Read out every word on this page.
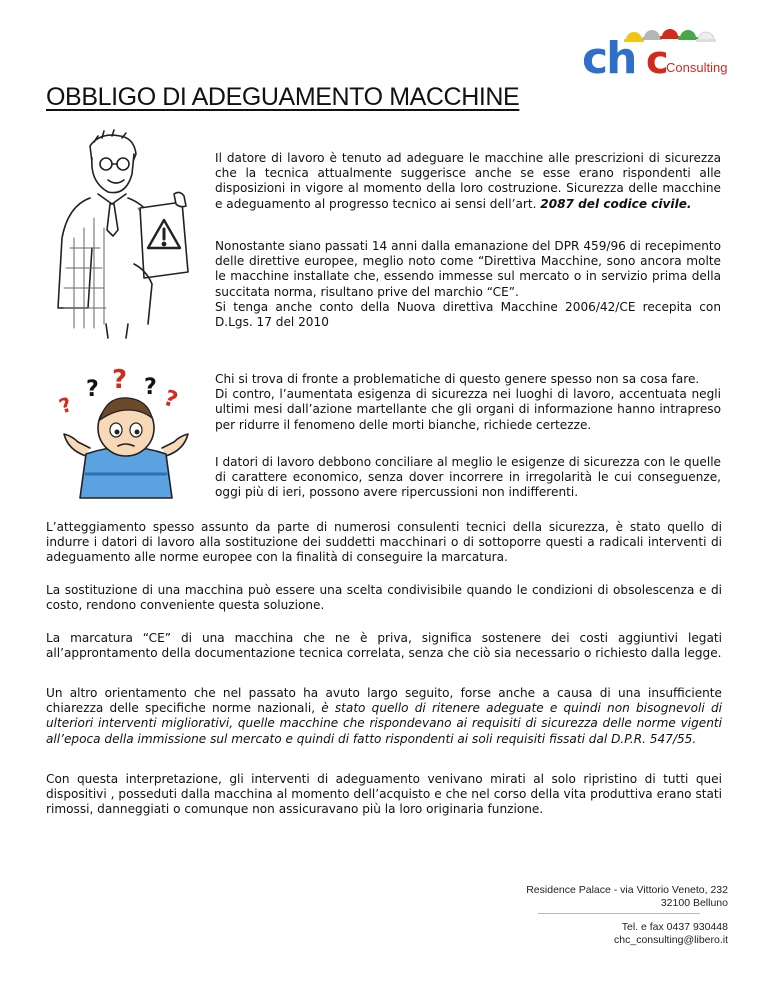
ch c
Consulting
OBBLIGO DI ADEGUAMENTO MACCHINE
? ? ?
?	?

Il datore di lavoro è tenuto ad adeguare le macchine alle prescrizioni di sicurezza che la tecnica attualmente suggerisce anche se esse erano rispondenti alle disposizioni in vigore al momento della loro costruzione. Sicurezza delle macchine e adeguamento al progresso tecnico ai sensi dell’art. 2087 del codice civile.

Nonostante siano passati 14 anni dalla emanazione del DPR 459/96 di recepimento delle direttive europee, meglio noto come “Direttiva Macchine, sono ancora molte le macchine installate che, essendo immesse sul mercato o in servizio prima della succitata norma, risultano prive del marchio “CE”.
Si tenga anche conto della Nuova direttiva Macchine 2006/42/CE recepita con D.Lgs. 17 del 2010

Chi si trova di fronte a problematiche di questo genere spesso non sa cosa fare.
Di contro, l’aumentata esigenza di sicurezza nei luoghi di lavoro, accentuata negli ultimi mesi dall’azione martellante che gli organi di informazione hanno intrapreso per ridurre il fenomeno delle morti bianche, richiede certezze.

I datori di lavoro debbono conciliare al meglio le esigenze di sicurezza con le quelle di carattere economico, senza dover incorrere in irregolarità le cui conseguenze, oggi più di ieri, possono avere ripercussioni non indifferenti.

L’atteggiamento spesso assunto da parte di numerosi consulenti tecnici della sicurezza, è stato quello di indurre i datori di lavoro alla sostituzione dei suddetti macchinari o di sottoporre questi a radicali interventi di adeguamento alle norme europee con la finalità di conseguire la marcatura.

La sostituzione di una macchina può essere una scelta condivisibile quando le condizioni di obsolescenza e di costo, rendono conveniente questa soluzione.

La marcatura “CE” di una macchina che ne è priva, significa sostenere dei costi aggiuntivi legati all’approntamento della documentazione tecnica correlata, senza che ciò sia necessario o richiesto dalla legge.

Un altro orientamento che nel passato ha avuto largo seguito, forse anche a causa di una insufficiente chiarezza delle specifiche norme nazionali, è stato quello di ritenere adeguate e quindi non bisognevoli di ulteriori interventi migliorativi, quelle macchine che rispondevano ai requisiti di sicurezza delle norme vigenti all’epoca della immissione sul mercato e quindi di fatto rispondenti ai soli requisiti fissati dal D.P.R. 547/55.

Con questa interpretazione, gli interventi di adeguamento venivano mirati al solo ripristino di tutti quei dispositivi , posseduti dalla macchina al momento dell’acquisto e che nel corso della vita produttiva erano stati rimossi, danneggiati o comunque non assicuravano più la loro originaria funzione.

Residence Palace - via Vittorio Veneto, 232
32100 Belluno
Tel. e fax 0437 930448
chc_consulting@libero.it
